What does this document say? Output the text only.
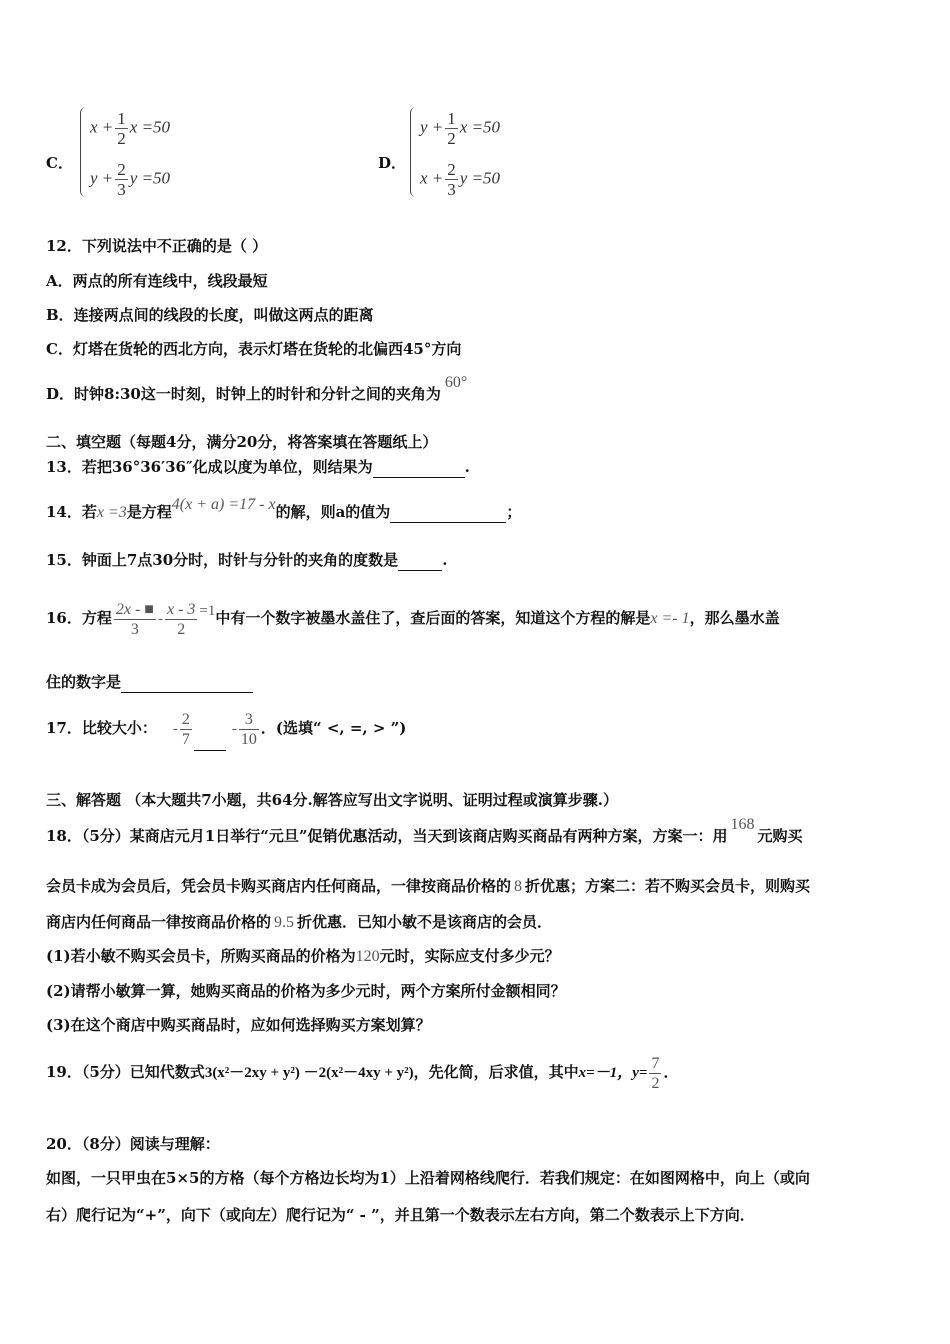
C．
$x + \frac{1}{2}$ x =50
$y + \frac{2}{3}$ y =50
D．
$y + \frac{1}{2}$ x =50
$x + \frac{2}{3}$ y =50
12．下列说法中不正确的是（ ）
A．两点的所有连线中，线段最短
B．连接两点间的线段的长度，叫做这两点的距离
C．灯塔在货轮的西北方向，表示灯塔在货轮的北偏西45°方向
D．时钟8:30这一时刻，时钟上的时针和分针之间的夹角为60°
二、填空题（每题4分，满分20分，将答案填在答题纸上）
13．若把36°36′36″化成以度为单位，则结果为	.
14．若x =3是方程4(x + a) =17 - x的解，则a的值为	；
15．钟面上7点30分时，时针与分针的夹角的度数是	.
16．方程 $\frac{2x - ■}{3} - \frac{x - 3}{2} =1$中有一个数字被墨水盖住了，查后面的答案，知道这个方程的解是x =- 1，那么墨水盖
住的数字是
17．比较大小： - $\frac{2}{7}$	- $\frac{3}{10}$ ．(选填“ <, =, > ”)
三、解答题 （本大题共7小题，共64分.解答应写出文字说明、证明过程或演算步骤.）
18．（5分）某商店元月1日举行“元旦”促销优惠活动，当天到该商店购买商品有两种方案，方案一：用168元购买
会员卡成为会员后，凭会员卡购买商店内任何商品，一律按商品价格的 8 折优惠；方案二：若不购买会员卡，则购买
商店内任何商品一律按商品价格的 9.5 折优惠．已知小敏不是该商店的会员．
(1)若小敏不购买会员卡，所购买商品的价格为120元时，实际应支付多少元？
(2)请帮小敏算一算，她购买商品的价格为多少元时，两个方案所付金额相同？
(3)在这个商店中购买商品时，应如何选择购买方案划算？
19．（5分）已知代数式3(x²－2xy + y²) －2(x²－4xy + y²)，先化简，后求值，其中x=－1，$y= \frac{7}{2}$ ．
20．（8分）阅读与理解：
如图，一只甲虫在5×5的方格（每个方格边长均为1）上沿着网格线爬行．若我们规定：在如图网格中，向上（或向
右）爬行记为“+”，向下（或向左）爬行记为“ - ”，并且第一个数表示左右方向，第二个数表示上下方向．
